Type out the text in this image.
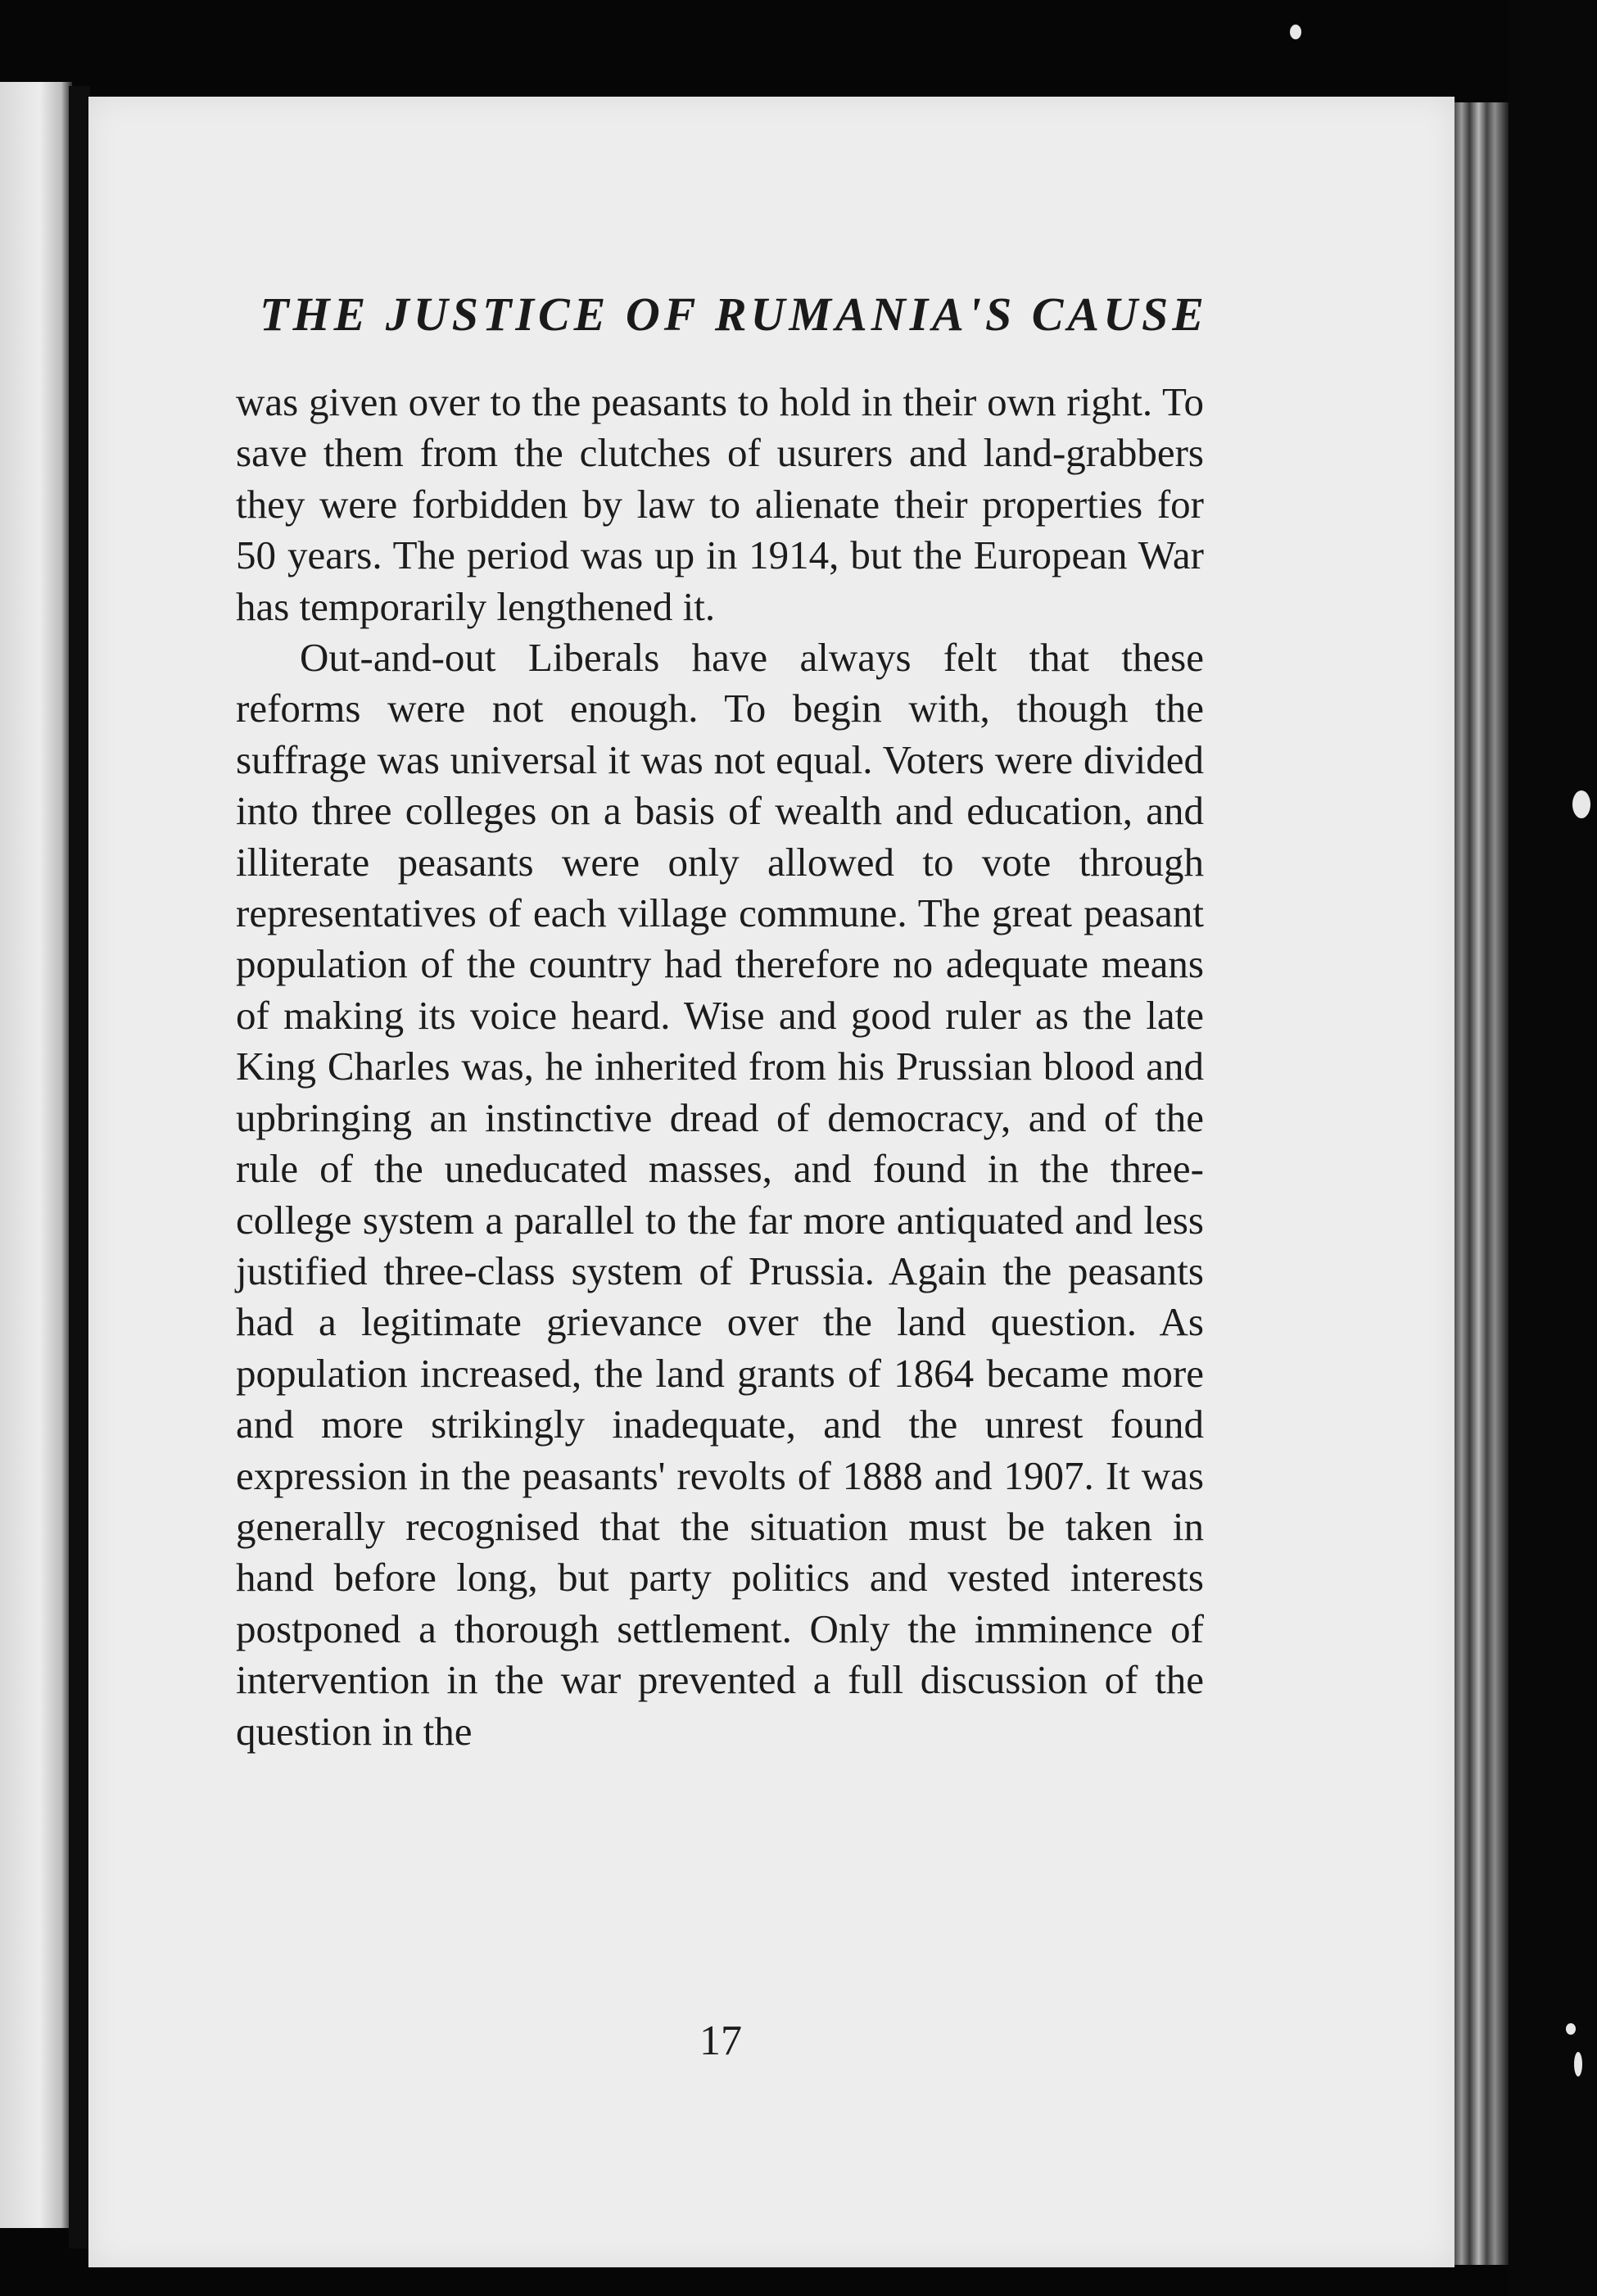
THE JUSTICE OF RUMANIA'S CAUSE

was given over to the peasants to hold in their own right. To save them from the clutches of usurers and land-grabbers they were forbidden by law to alienate their properties for 50 years. The period was up in 1914, but the European War has temporarily lengthened it.

Out-and-out Liberals have always felt that these reforms were not enough. To begin with, though the suffrage was universal it was not equal. Voters were divided into three colleges on a basis of wealth and education, and illiterate peasants were only allowed to vote through representatives of each village commune. The great peasant population of the country had therefore no adequate means of making its voice heard. Wise and good ruler as the late King Charles was, he inherited from his Prussian blood and upbringing an instinctive dread of democracy, and of the rule of the uneducated masses, and found in the three-college system a parallel to the far more antiquated and less justified three-class system of Prussia. Again the peasants had a legitimate grievance over the land question. As population increased, the land grants of 1864 became more and more strikingly inadequate, and the unrest found expression in the peasants' revolts of 1888 and 1907. It was generally recognised that the situation must be taken in hand before long, but party politics and vested interests postponed a thorough settlement. Only the imminence of intervention in the war prevented a full discussion of the question in the

17
